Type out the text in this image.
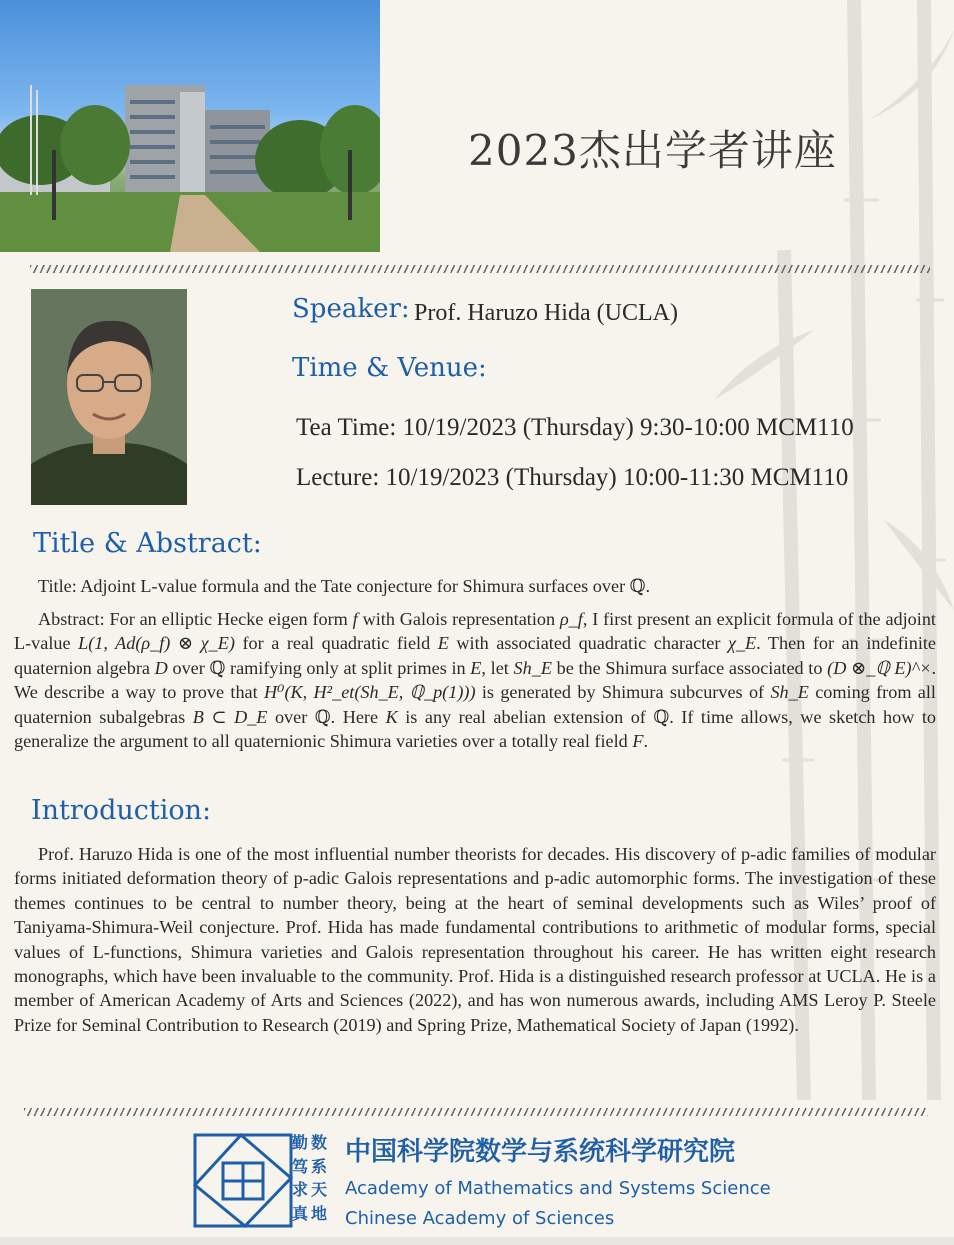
2023杰出学者讲座
Speaker: Prof. Haruzo Hida (UCLA)
Time & Venue:
Tea Time: 10/19/2023 (Thursday) 9:30-10:00 MCM110
Lecture: 10/19/2023 (Thursday) 10:00-11:30 MCM110
Title & Abstract:
Title: Adjoint L-value formula and the Tate conjecture for Shimura surfaces over ℚ.
Abstract: For an elliptic Hecke eigen form f with Galois representation ρ_f, I first present an explicit formula of the adjoint L-value L(1, Ad(ρ_f) ⊗ χ_E) for a real quadratic field E with associated quadratic character χ_E. Then for an indefinite quaternion algebra D over ℚ ramifying only at split primes in E, let Sh_E be the Shimura surface associated to (D ⊗_ℚ E)^×. We describe a way to prove that H⁰(K, H²_et(Sh_E, ℚ_p(1))) is generated by Shimura subcurves of Sh_E coming from all quaternion subalgebras B ⊂ D_E over ℚ. Here K is any real abelian extension of ℚ. If time allows, we sketch how to generalize the argument to all quaternionic Shimura varieties over a totally real field F.
Introduction:
Prof. Haruzo Hida is one of the most influential number theorists for decades. His discovery of p-adic families of modular forms initiated deformation theory of p-adic Galois representations and p-adic automorphic forms. The investigation of these themes continues to be central to number theory, being at the heart of seminal developments such as Wiles’ proof of Taniyama-Shimura-Weil conjecture. Prof. Hida has made fundamental contributions to arithmetic of modular forms, special values of L-functions, Shimura varieties and Galois representation throughout his career. He has written eight research monographs, which have been invaluable to the community. Prof. Hida is a distinguished research professor at UCLA. He is a member of American Academy of Arts and Sciences (2022), and has won numerous awards, including AMS Leroy P. Steele Prize for Seminal Contribution to Research (2019) and Spring Prize, Mathematical Society of Japan (1992).
勤数
笃系
求天
真地
中国科学院数学与系统科学研究院
Academy of Mathematics and Systems Science
Chinese Academy of Sciences
